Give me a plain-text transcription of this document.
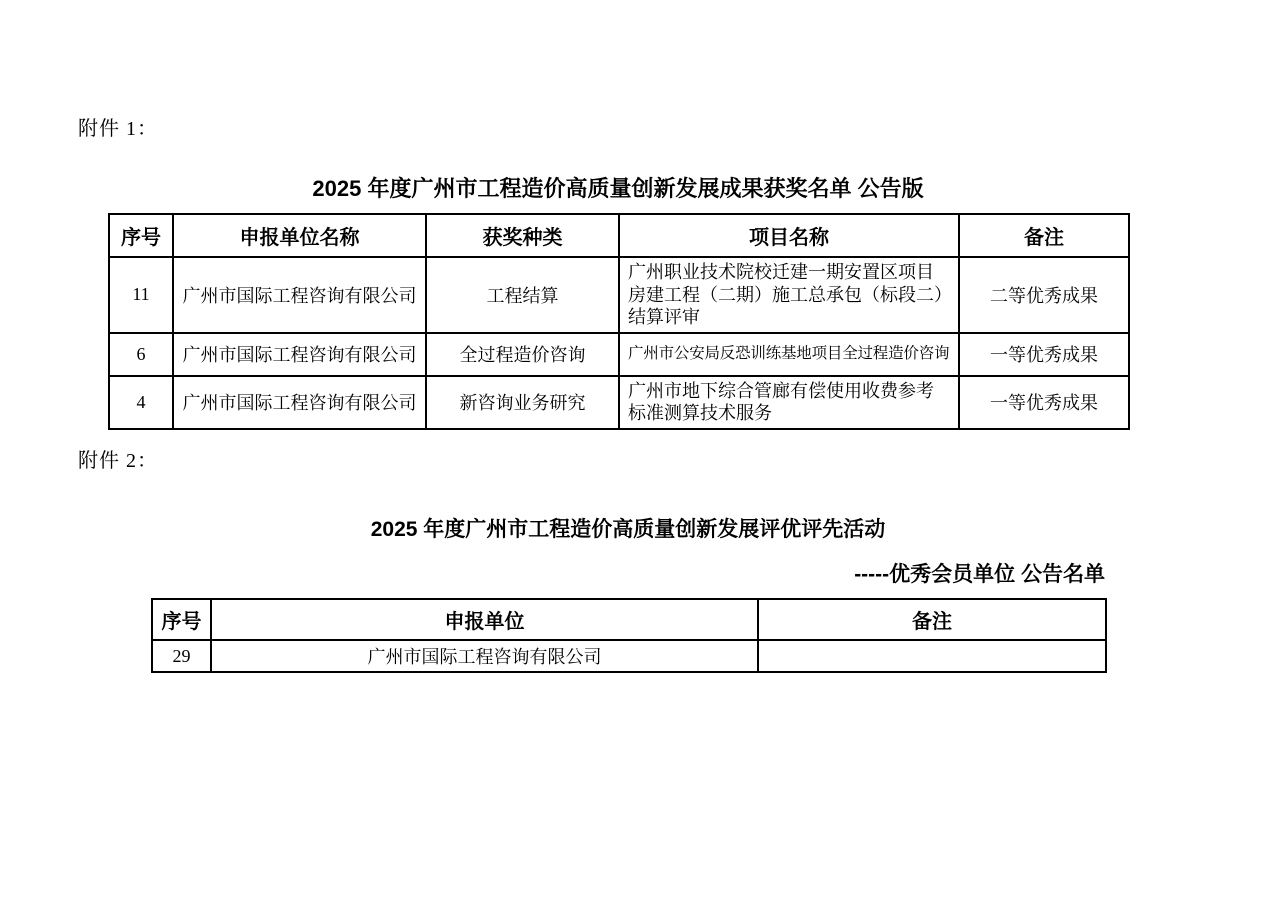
附件 1：
2025 年度广州市工程造价高质量创新发展成果获奖名单 公告版
序号	申报单位名称	获奖种类	项目名称	备注
11	广州市国际工程咨询有限公司	工程结算	广州职业技术院校迁建一期安置区项目房建工程（二期）施工总承包（标段二）结算评审	二等优秀成果
6	广州市国际工程咨询有限公司	全过程造价咨询	广州市公安局反恐训练基地项目全过程造价咨询	一等优秀成果
4	广州市国际工程咨询有限公司	新咨询业务研究	广州市地下综合管廊有偿使用收费参考标准测算技术服务	一等优秀成果
附件 2：
2025 年度广州市工程造价高质量创新发展评优评先活动
-----优秀会员单位 公告名单
序号	申报单位	备注
29	广州市国际工程咨询有限公司	
